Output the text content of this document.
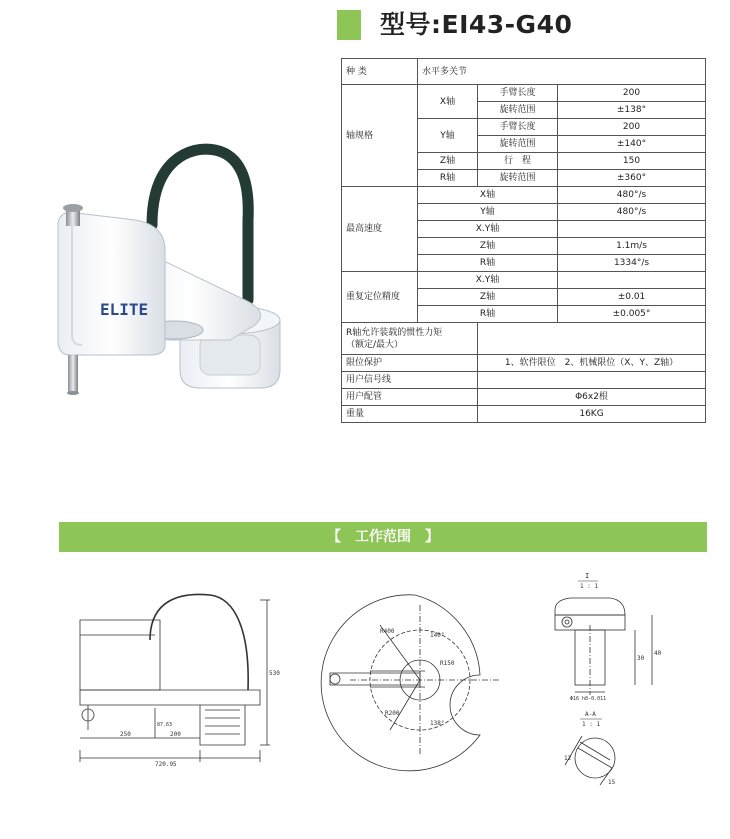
型号:EI43-G40
ELITE
种 类	水平多关节		
轴规格	X轴	手臂长度	200
		旋转范围	±138°
	Y轴	手臂长度	200
		旋转范围	±140°
	Z轴	行　程	150
	R轴	旋转范围	±360°
最高速度	X轴		480°/s
	Y轴		480°/s
	X.Y轴		
	Z轴		1.1m/s
	R轴		1334°/s
重复定位精度	X.Y轴		
	Z轴		±0.01
	R轴		±0.005°

R轴允许装载的惯性力矩
（额定/最大）			

限位保护		1、软件限位　2、机械限位（X、Y、Z轴）	
用户信号线			
用户配管		Φ6x2根	
重量		16KG	
【　工作范围　】
250	200
720.95
530
87.63
R400
140°
138°
R150
R200
I
1 : 1
30
40
Φ16 h8-0.011
A-A
1 : 1
12
15
